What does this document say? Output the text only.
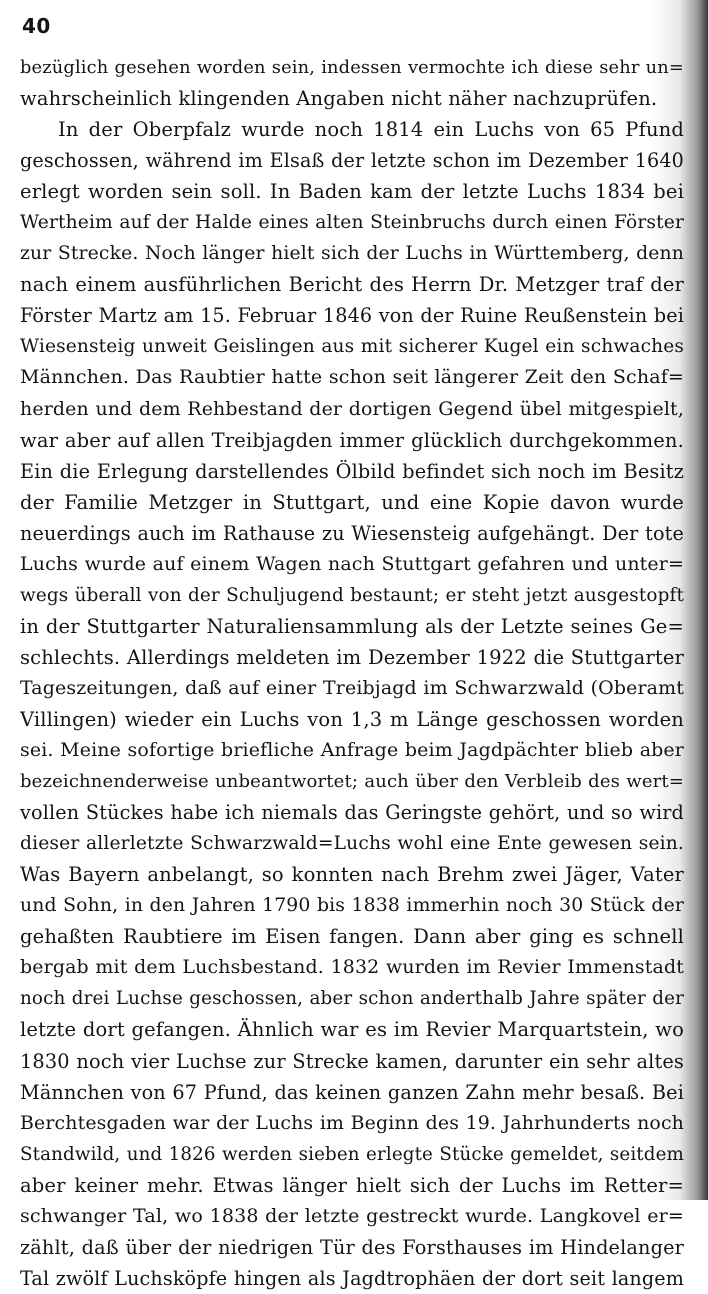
40
bezüglich gesehen worden sein, indessen vermochte ich diese sehr un=
wahrscheinlich klingenden Angaben nicht näher nachzuprüfen.
In der Oberpfalz wurde noch 1814 ein Luchs von 65 Pfund
geschossen, während im Elsaß der letzte schon im Dezember 1640
erlegt worden sein soll. In Baden kam der letzte Luchs 1834 bei
Wertheim auf der Halde eines alten Steinbruchs durch einen Förster
zur Strecke. Noch länger hielt sich der Luchs in Württemberg, denn
nach einem ausführlichen Bericht des Herrn Dr. Metzger traf der
Förster Martz am 15. Februar 1846 von der Ruine Reußenstein bei
Wiesensteig unweit Geislingen aus mit sicherer Kugel ein schwaches
Männchen. Das Raubtier hatte schon seit längerer Zeit den Schaf=
herden und dem Rehbestand der dortigen Gegend übel mitgespielt,
war aber auf allen Treibjagden immer glücklich durchgekommen.
Ein die Erlegung darstellendes Ölbild befindet sich noch im Besitz
der Familie Metzger in Stuttgart, und eine Kopie davon wurde
neuerdings auch im Rathause zu Wiesensteig aufgehängt. Der tote
Luchs wurde auf einem Wagen nach Stuttgart gefahren und unter=
wegs überall von der Schuljugend bestaunt; er steht jetzt ausgestopft
in der Stuttgarter Naturaliensammlung als der Letzte seines Ge=
schlechts. Allerdings meldeten im Dezember 1922 die Stuttgarter
Tageszeitungen, daß auf einer Treibjagd im Schwarzwald (Oberamt
Villingen) wieder ein Luchs von 1,3 m Länge geschossen worden
sei. Meine sofortige briefliche Anfrage beim Jagdpächter blieb aber
bezeichnenderweise unbeantwortet; auch über den Verbleib des wert=
vollen Stückes habe ich niemals das Geringste gehört, und so wird
dieser allerletzte Schwarzwald=Luchs wohl eine Ente gewesen sein.
Was Bayern anbelangt, so konnten nach Brehm zwei Jäger, Vater
und Sohn, in den Jahren 1790 bis 1838 immerhin noch 30 Stück der
gehaßten Raubtiere im Eisen fangen. Dann aber ging es schnell
bergab mit dem Luchsbestand. 1832 wurden im Revier Immenstadt
noch drei Luchse geschossen, aber schon anderthalb Jahre später der
letzte dort gefangen. Ähnlich war es im Revier Marquartstein, wo
1830 noch vier Luchse zur Strecke kamen, darunter ein sehr altes
Männchen von 67 Pfund, das keinen ganzen Zahn mehr besaß. Bei
Berchtesgaden war der Luchs im Beginn des 19. Jahrhunderts noch
Standwild, und 1826 werden sieben erlegte Stücke gemeldet, seitdem
aber keiner mehr. Etwas länger hielt sich der Luchs im Retter=
schwanger Tal, wo 1838 der letzte gestreckt wurde. Langkovel er=
zählt, daß über der niedrigen Tür des Forsthauses im Hindelanger
Tal zwölf Luchsköpfe hingen als Jagdtrophäen der dort seit langem
